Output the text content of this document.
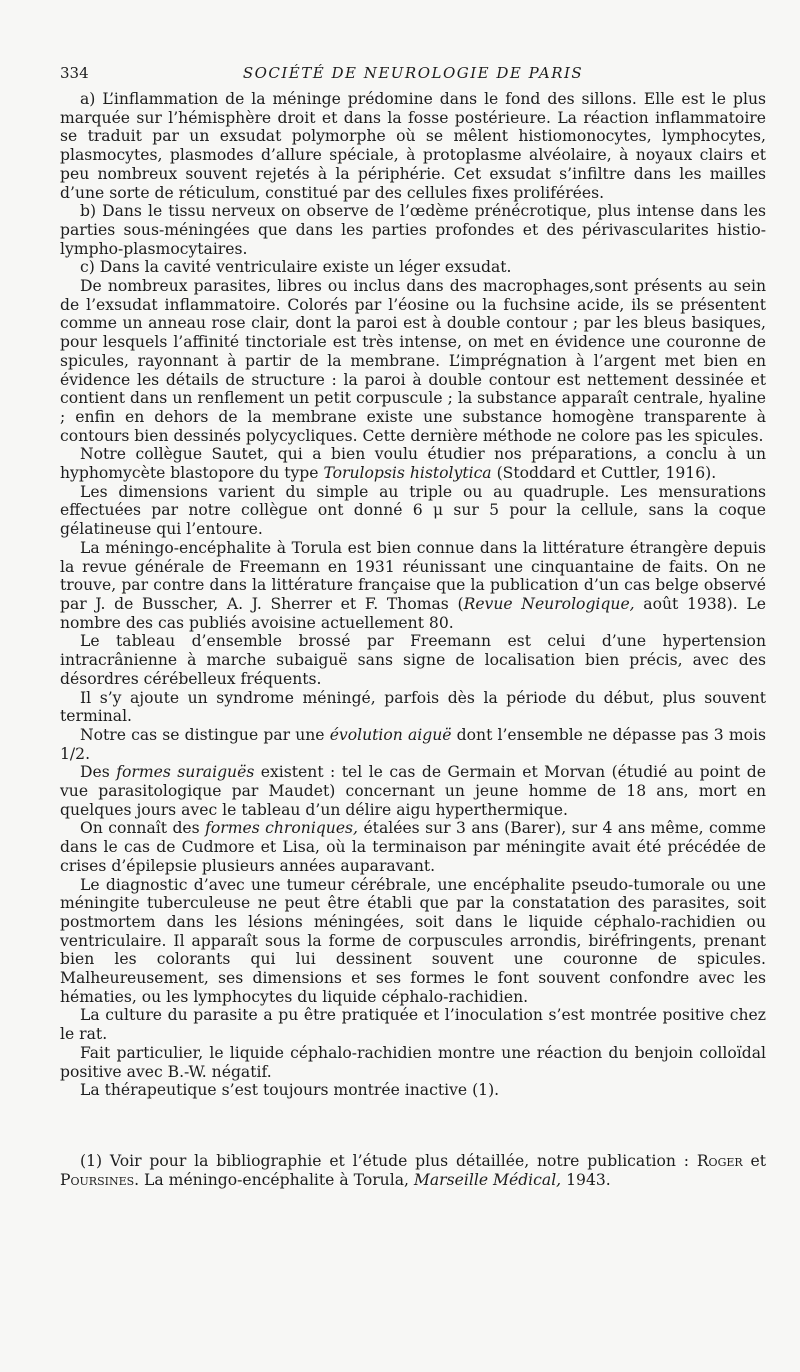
334	SOCIÉTÉ DE NEUROLOGIE DE PARIS

a) L’inflammation de la méninge prédomine dans le fond des sillons. Elle est le plus marquée sur l’hémisphère droit et dans la fosse postérieure. La réaction inflammatoire se traduit par un exsudat polymorphe où se mêlent histiomonocytes, lymphocytes, plasmocytes, plasmodes d’allure spéciale, à protoplasme alvéolaire, à noyaux clairs et peu nombreux souvent rejetés à la périphérie. Cet exsudat s’infiltre dans les mailles d’une sorte de réticulum, constitué par des cellules fixes proliférées.

b) Dans le tissu nerveux on observe de l’œdème prénécrotique, plus intense dans les parties sous-méningées que dans les parties profondes et des périvascularites histio-lympho-plasmocytaires.

c) Dans la cavité ventriculaire existe un léger exsudat.

De nombreux parasites, libres ou inclus dans des macrophages,sont présents au sein de l’exsudat inflammatoire. Colorés par l’éosine ou la fuchsine acide, ils se présentent comme un anneau rose clair, dont la paroi est à double contour ; par les bleus basiques, pour lesquels l’affinité tinctoriale est très intense, on met en évidence une couronne de spicules, rayonnant à partir de la membrane. L’imprégnation à l’argent met bien en évidence les détails de structure : la paroi à double contour est nettement dessinée et contient dans un renflement un petit corpuscule ; la substance apparaît centrale, hyaline ; enfin en dehors de la membrane existe une substance homogène transparente à contours bien dessinés polycycliques. Cette dernière méthode ne colore pas les spicules.

Notre collègue Sautet, qui a bien voulu étudier nos préparations, a conclu à un hyphomycète blastopore du type Torulopsis histolytica (Stoddard et Cuttler, 1916).

Les dimensions varient du simple au triple ou au quadruple. Les mensurations effectuées par notre collègue ont donné 6 μ sur 5 pour la cellule, sans la coque gélatineuse qui l’entoure.

La méningo-encéphalite à Torula est bien connue dans la littérature étrangère depuis la revue générale de Freemann en 1931 réunissant une cinquantaine de faits. On ne trouve, par contre dans la littérature française que la publication d’un cas belge observé par J. de Busscher, A. J. Sherrer et F. Thomas (Revue Neurologique, août 1938). Le nombre des cas publiés avoisine actuellement 80.

Le tableau d’ensemble brossé par Freemann est celui d’une hypertension intracrânienne à marche subaiguë sans signe de localisation bien précis, avec des désordres cérébelleux fréquents.

Il s’y ajoute un syndrome méningé, parfois dès la période du début, plus souvent terminal.

Notre cas se distingue par une évolution aiguë dont l’ensemble ne dépasse pas 3 mois 1/2.

Des formes suraiguës existent : tel le cas de Germain et Morvan (étudié au point de vue parasitologique par Maudet) concernant un jeune homme de 18 ans, mort en quelques jours avec le tableau d’un délire aigu hyperthermique.

On connaît des formes chroniques, étalées sur 3 ans (Barer), sur 4 ans même, comme dans le cas de Cudmore et Lisa, où la terminaison par méningite avait été précédée de crises d’épilepsie plusieurs années auparavant.

Le diagnostic d’avec une tumeur cérébrale, une encéphalite pseudo-tumorale ou une méningite tuberculeuse ne peut être établi que par la constatation des parasites, soit postmortem dans les lésions méningées, soit dans le liquide céphalo-rachidien ou ventriculaire. Il apparaît sous la forme de corpuscules arrondis, biréfringents, prenant bien les colorants qui lui dessinent souvent une couronne de spicules. Malheureusement, ses dimensions et ses formes le font souvent confondre avec les hématies, ou les lymphocytes du liquide céphalo-rachidien.

La culture du parasite a pu être pratiquée et l’inoculation s’est montrée positive chez le rat.

Fait particulier, le liquide céphalo-rachidien montre une réaction du benjoin colloïdal positive avec B.-W. négatif.

La thérapeutique s’est toujours montrée inactive (1).

(1) Voir pour la bibliographie et l’étude plus détaillée, notre publication : Roger et Poursines. La méningo-encéphalite à Torula, Marseille Médical, 1943.
